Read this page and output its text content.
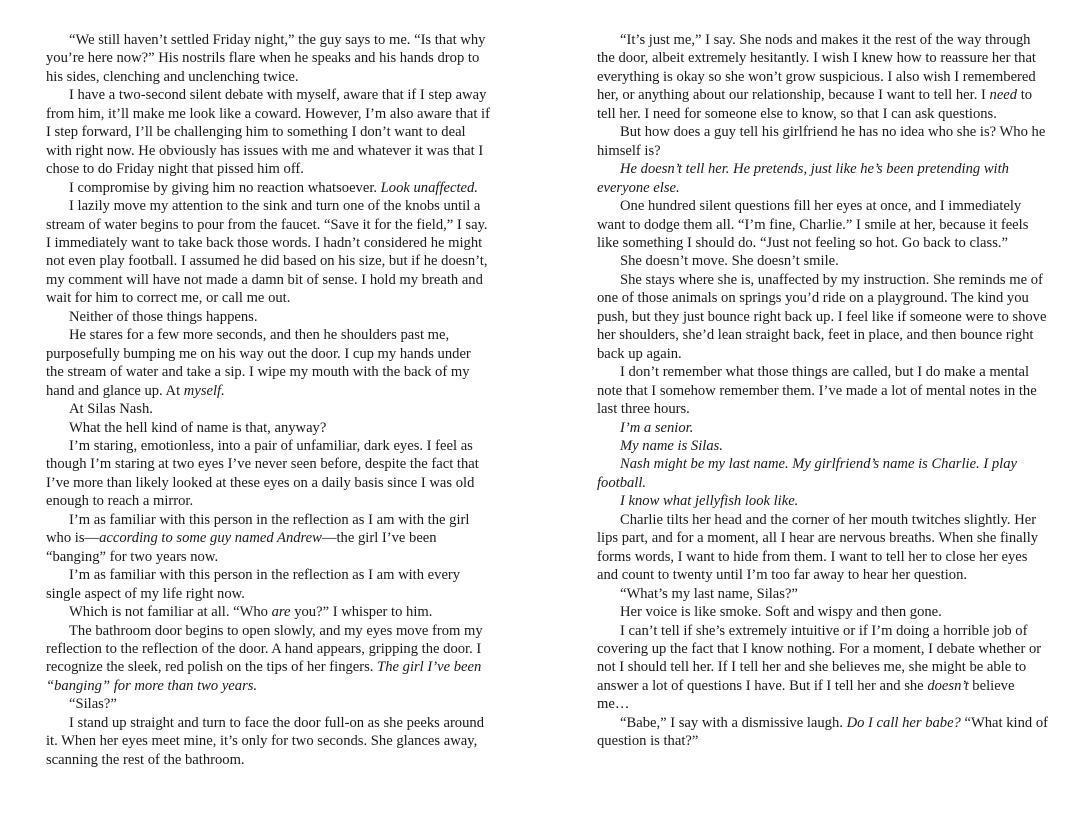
“We still haven’t settled Friday night,” the guy says to me. “Is that why you’re here now?” His nostrils flare when he speaks and his hands drop to his sides, clenching and unclenching twice.

I have a two-second silent debate with myself, aware that if I step away from him, it’ll make me look like a coward. However, I’m also aware that if I step forward, I’ll be challenging him to something I don’t want to deal with right now. He obviously has issues with me and whatever it was that I chose to do Friday night that pissed him off.

I compromise by giving him no reaction whatsoever. Look unaffected.

I lazily move my attention to the sink and turn one of the knobs until a stream of water begins to pour from the faucet. “Save it for the field,” I say. I immediately want to take back those words. I hadn’t considered he might not even play football. I assumed he did based on his size, but if he doesn’t, my comment will have not made a damn bit of sense. I hold my breath and wait for him to correct me, or call me out.

Neither of those things happens.

He stares for a few more seconds, and then he shoulders past me, purposefully bumping me on his way out the door. I cup my hands under the stream of water and take a sip. I wipe my mouth with the back of my hand and glance up. At myself.

At Silas Nash.

What the hell kind of name is that, anyway?

I’m staring, emotionless, into a pair of unfamiliar, dark eyes. I feel as though I’m staring at two eyes I’ve never seen before, despite the fact that I’ve more than likely looked at these eyes on a daily basis since I was old enough to reach a mirror.

I’m as familiar with this person in the reflection as I am with the girl who is—according to some guy named Andrew—the girl I’ve been “banging” for two years now.

I’m as familiar with this person in the reflection as I am with every single aspect of my life right now.

Which is not familiar at all. “Who are you?” I whisper to him.

The bathroom door begins to open slowly, and my eyes move from my reflection to the reflection of the door. A hand appears, gripping the door. I recognize the sleek, red polish on the tips of her fingers. The girl I’ve been “banging” for more than two years.

“Silas?”

I stand up straight and turn to face the door full-on as she peeks around it. When her eyes meet mine, it’s only for two seconds. She glances away, scanning the rest of the bathroom.

“It’s just me,” I say. She nods and makes it the rest of the way through the door, albeit extremely hesitantly. I wish I knew how to reassure her that everything is okay so she won’t grow suspicious. I also wish I remembered her, or anything about our relationship, because I want to tell her. I need to tell her. I need for someone else to know, so that I can ask questions.

But how does a guy tell his girlfriend he has no idea who she is? Who he himself is?

He doesn’t tell her. He pretends, just like he’s been pretending with everyone else.

One hundred silent questions fill her eyes at once, and I immediately want to dodge them all. “I’m fine, Charlie.” I smile at her, because it feels like something I should do. “Just not feeling so hot. Go back to class.”

She doesn’t move. She doesn’t smile.

She stays where she is, unaffected by my instruction. She reminds me of one of those animals on springs you’d ride on a playground. The kind you push, but they just bounce right back up. I feel like if someone were to shove her shoulders, she’d lean straight back, feet in place, and then bounce right back up again.

I don’t remember what those things are called, but I do make a mental note that I somehow remember them. I’ve made a lot of mental notes in the last three hours.

I’m a senior.

My name is Silas.

Nash might be my last name. My girlfriend’s name is Charlie. I play football.

I know what jellyfish look like.

Charlie tilts her head and the corner of her mouth twitches slightly. Her lips part, and for a moment, all I hear are nervous breaths. When she finally forms words, I want to hide from them. I want to tell her to close her eyes and count to twenty until I’m too far away to hear her question.

“What’s my last name, Silas?”

Her voice is like smoke. Soft and wispy and then gone.

I can’t tell if she’s extremely intuitive or if I’m doing a horrible job of covering up the fact that I know nothing. For a moment, I debate whether or not I should tell her. If I tell her and she believes me, she might be able to answer a lot of questions I have. But if I tell her and she doesn’t believe me…

“Babe,” I say with a dismissive laugh. Do I call her babe? “What kind of question is that?”
